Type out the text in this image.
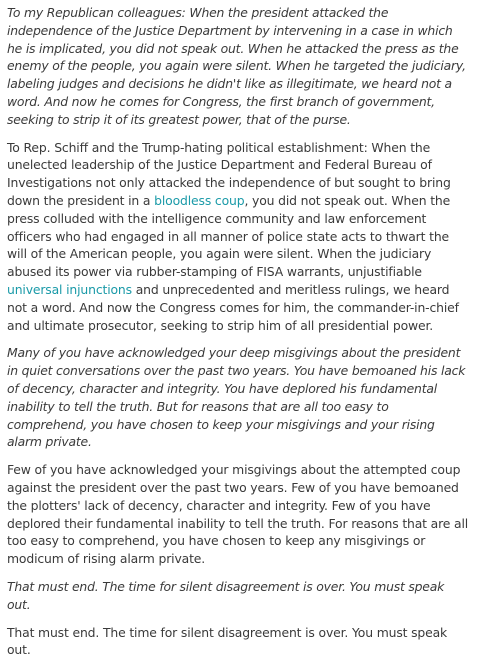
To my Republican colleagues: When the president attacked the independence of the Justice Department by intervening in a case in which he is implicated, you did not speak out. When he attacked the press as the enemy of the people, you again were silent. When he targeted the judiciary, labeling judges and decisions he didn't like as illegitimate, we heard not a word. And now he comes for Congress, the first branch of government, seeking to strip it of its greatest power, that of the purse.

To Rep. Schiff and the Trump-hating political establishment: When the unelected leadership of the Justice Department and Federal Bureau of Investigations not only attacked the independence of but sought to bring down the president in a bloodless coup, you did not speak out. When the press colluded with the intelligence community and law enforcement officers who had engaged in all manner of police state acts to thwart the will of the American people, you again were silent. When the judiciary abused its power via rubber-stamping of FISA warrants, unjustifiable universal injunctions and unprecedented and meritless rulings, we heard not a word. And now the Congress comes for him, the commander-in-chief and ultimate prosecutor, seeking to strip him of all presidential power.

Many of you have acknowledged your deep misgivings about the president in quiet conversations over the past two years. You have bemoaned his lack of decency, character and integrity. You have deplored his fundamental inability to tell the truth. But for reasons that are all too easy to comprehend, you have chosen to keep your misgivings and your rising alarm private.

Few of you have acknowledged your misgivings about the attempted coup against the president over the past two years. Few of you have bemoaned the plotters' lack of decency, character and integrity. Few of you have deplored their fundamental inability to tell the truth. For reasons that are all too easy to comprehend, you have chosen to keep any misgivings or modicum of rising alarm private.

That must end. The time for silent disagreement is over. You must speak out.

That must end. The time for silent disagreement is over. You must speak out.
